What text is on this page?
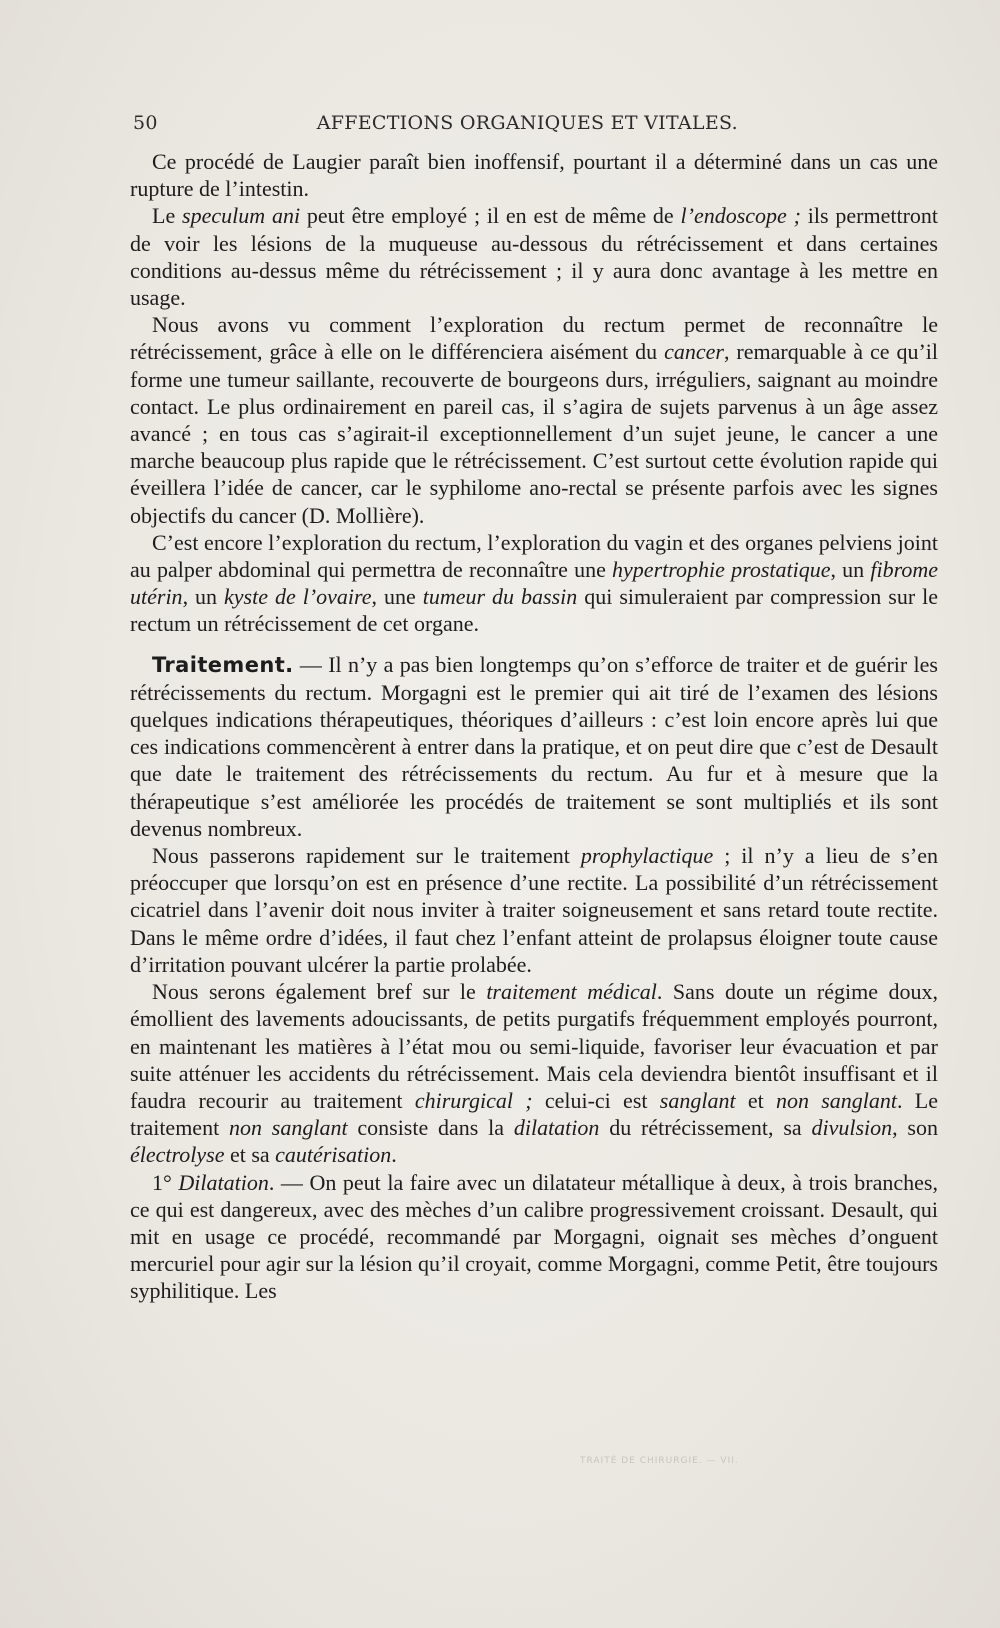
50	AFFECTIONS ORGANIQUES ET VITALES.

Ce procédé de Laugier paraît bien inoffensif, pourtant il a déterminé dans un cas une rupture de l’intestin.

Le speculum ani peut être employé ; il en est de même de l’endoscope ; ils permettront de voir les lésions de la muqueuse au-dessous du rétrécissement et dans certaines conditions au-dessus même du rétrécissement ; il y aura donc avantage à les mettre en usage.

Nous avons vu comment l’exploration du rectum permet de reconnaître le rétrécissement, grâce à elle on le différenciera aisément du cancer, remarquable à ce qu’il forme une tumeur saillante, recouverte de bourgeons durs, irréguliers, saignant au moindre contact. Le plus ordinairement en pareil cas, il s’agira de sujets parvenus à un âge assez avancé ; en tous cas s’agirait-il exceptionnellement d’un sujet jeune, le cancer a une marche beaucoup plus rapide que le rétrécissement. C’est surtout cette évolution rapide qui éveillera l’idée de cancer, car le syphilome ano-rectal se présente parfois avec les signes objectifs du cancer (D. Mollière).

C’est encore l’exploration du rectum, l’exploration du vagin et des organes pelviens joint au palper abdominal qui permettra de reconnaître une hypertrophie prostatique, un fibrome utérin, un kyste de l’ovaire, une tumeur du bassin qui simuleraient par compression sur le rectum un rétrécissement de cet organe.

Traitement. — Il n’y a pas bien longtemps qu’on s’efforce de traiter et de guérir les rétrécissements du rectum. Morgagni est le premier qui ait tiré de l’examen des lésions quelques indications thérapeutiques, théoriques d’ailleurs : c’est loin encore après lui que ces indications commencèrent à entrer dans la pratique, et on peut dire que c’est de Desault que date le traitement des rétrécissements du rectum. Au fur et à mesure que la thérapeutique s’est améliorée les procédés de traitement se sont multipliés et ils sont devenus nombreux.

Nous passerons rapidement sur le traitement prophylactique ; il n’y a lieu de s’en préoccuper que lorsqu’on est en présence d’une rectite. La possibilité d’un rétrécissement cicatriel dans l’avenir doit nous inviter à traiter soigneusement et sans retard toute rectite. Dans le même ordre d’idées, il faut chez l’enfant atteint de prolapsus éloigner toute cause d’irritation pouvant ulcérer la partie prolabée.

Nous serons également bref sur le traitement médical. Sans doute un régime doux, émollient des lavements adoucissants, de petits purgatifs fréquemment employés pourront, en maintenant les matières à l’état mou ou semi-liquide, favoriser leur évacuation et par suite atténuer les accidents du rétrécissement. Mais cela deviendra bientôt insuffisant et il faudra recourir au traitement chirurgical ; celui-ci est sanglant et non sanglant. Le traitement non sanglant consiste dans la dilatation du rétrécissement, sa divulsion, son électrolyse et sa cautérisation.

1° Dilatation. — On peut la faire avec un dilatateur métallique à deux, à trois branches, ce qui est dangereux, avec des mèches d’un calibre progressivement croissant. Desault, qui mit en usage ce procédé, recommandé par Morgagni, oignait ses mèches d’onguent mercuriel pour agir sur la lésion qu’il croyait, comme Morgagni, comme Petit, être toujours syphilitique. Les

TRAITÉ DE CHIRURGIE. — VII.
